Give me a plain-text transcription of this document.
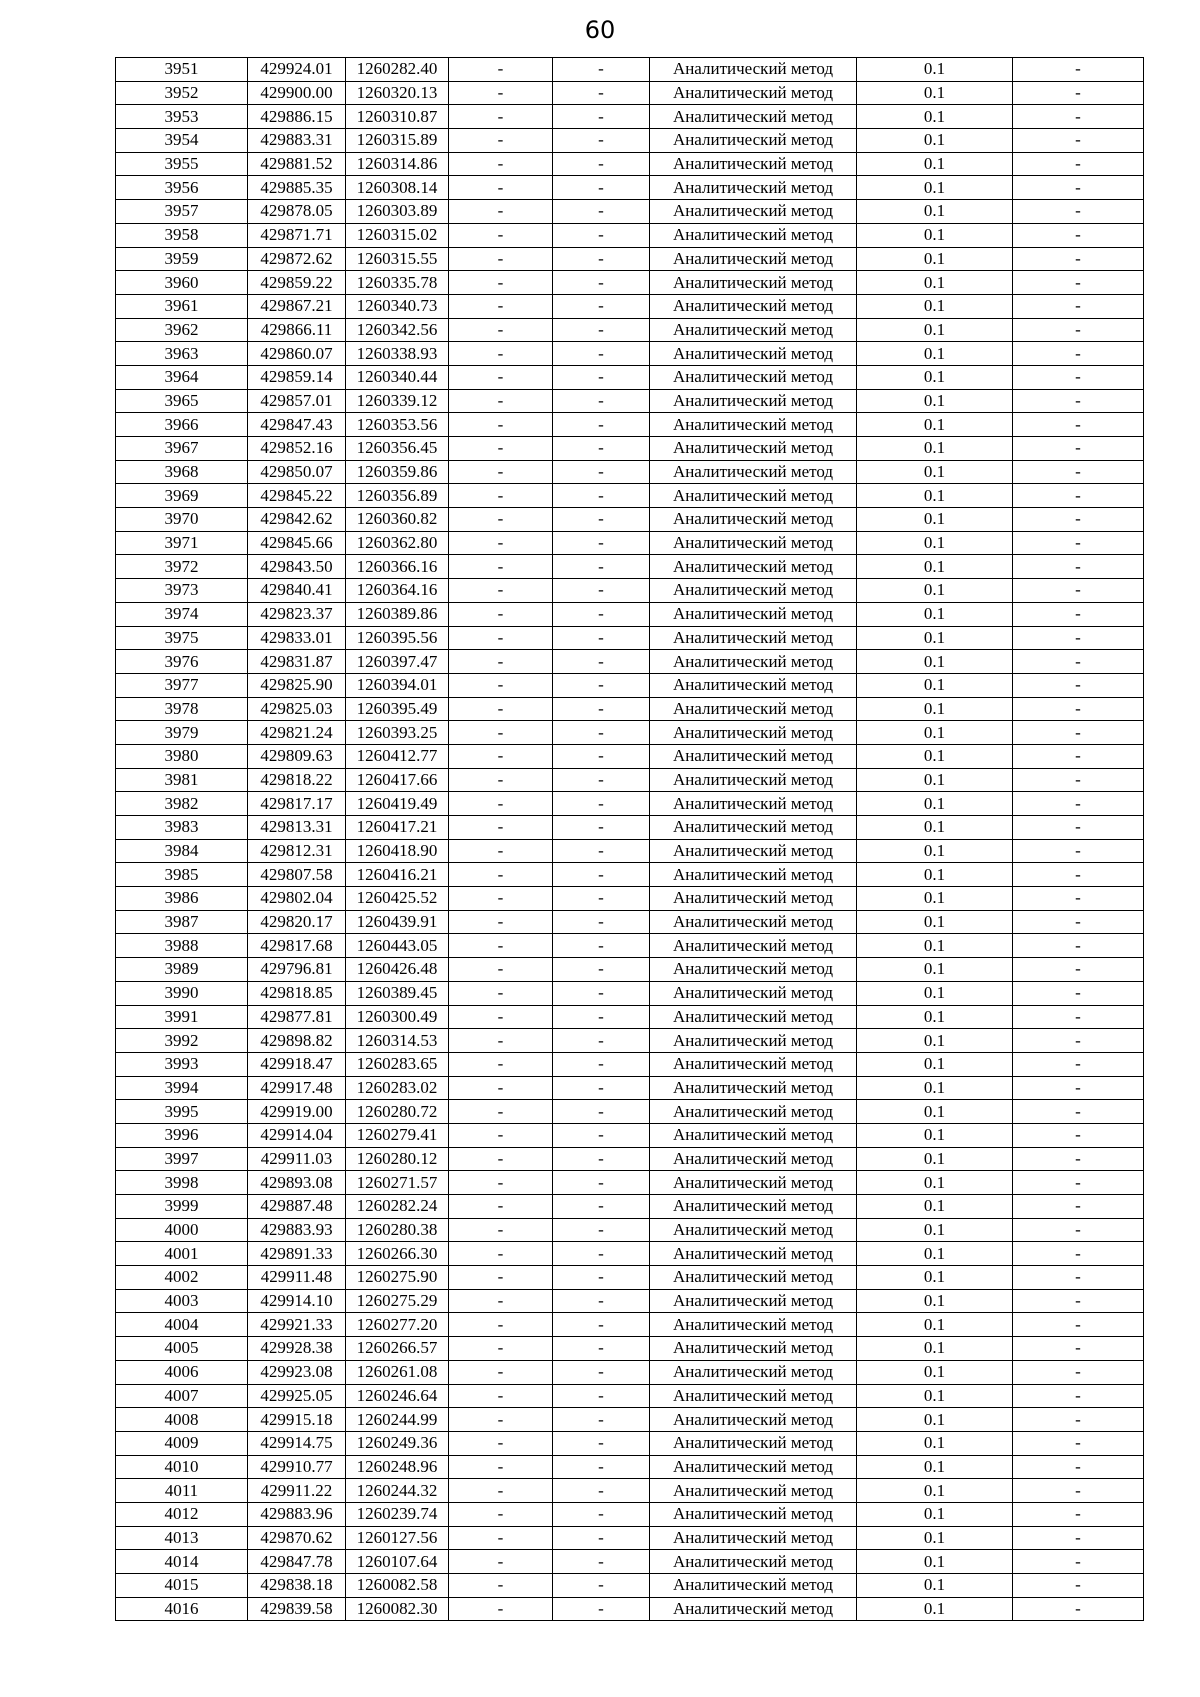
60
3951	429924.01	1260282.40	-	-	Аналитический метод	0.1	-
3952	429900.00	1260320.13	-	-	Аналитический метод	0.1	-
3953	429886.15	1260310.87	-	-	Аналитический метод	0.1	-
3954	429883.31	1260315.89	-	-	Аналитический метод	0.1	-
3955	429881.52	1260314.86	-	-	Аналитический метод	0.1	-
3956	429885.35	1260308.14	-	-	Аналитический метод	0.1	-
3957	429878.05	1260303.89	-	-	Аналитический метод	0.1	-
3958	429871.71	1260315.02	-	-	Аналитический метод	0.1	-
3959	429872.62	1260315.55	-	-	Аналитический метод	0.1	-
3960	429859.22	1260335.78	-	-	Аналитический метод	0.1	-
3961	429867.21	1260340.73	-	-	Аналитический метод	0.1	-
3962	429866.11	1260342.56	-	-	Аналитический метод	0.1	-
3963	429860.07	1260338.93	-	-	Аналитический метод	0.1	-
3964	429859.14	1260340.44	-	-	Аналитический метод	0.1	-
3965	429857.01	1260339.12	-	-	Аналитический метод	0.1	-
3966	429847.43	1260353.56	-	-	Аналитический метод	0.1	-
3967	429852.16	1260356.45	-	-	Аналитический метод	0.1	-
3968	429850.07	1260359.86	-	-	Аналитический метод	0.1	-
3969	429845.22	1260356.89	-	-	Аналитический метод	0.1	-
3970	429842.62	1260360.82	-	-	Аналитический метод	0.1	-
3971	429845.66	1260362.80	-	-	Аналитический метод	0.1	-
3972	429843.50	1260366.16	-	-	Аналитический метод	0.1	-
3973	429840.41	1260364.16	-	-	Аналитический метод	0.1	-
3974	429823.37	1260389.86	-	-	Аналитический метод	0.1	-
3975	429833.01	1260395.56	-	-	Аналитический метод	0.1	-
3976	429831.87	1260397.47	-	-	Аналитический метод	0.1	-
3977	429825.90	1260394.01	-	-	Аналитический метод	0.1	-
3978	429825.03	1260395.49	-	-	Аналитический метод	0.1	-
3979	429821.24	1260393.25	-	-	Аналитический метод	0.1	-
3980	429809.63	1260412.77	-	-	Аналитический метод	0.1	-
3981	429818.22	1260417.66	-	-	Аналитический метод	0.1	-
3982	429817.17	1260419.49	-	-	Аналитический метод	0.1	-
3983	429813.31	1260417.21	-	-	Аналитический метод	0.1	-
3984	429812.31	1260418.90	-	-	Аналитический метод	0.1	-
3985	429807.58	1260416.21	-	-	Аналитический метод	0.1	-
3986	429802.04	1260425.52	-	-	Аналитический метод	0.1	-
3987	429820.17	1260439.91	-	-	Аналитический метод	0.1	-
3988	429817.68	1260443.05	-	-	Аналитический метод	0.1	-
3989	429796.81	1260426.48	-	-	Аналитический метод	0.1	-
3990	429818.85	1260389.45	-	-	Аналитический метод	0.1	-
3991	429877.81	1260300.49	-	-	Аналитический метод	0.1	-
3992	429898.82	1260314.53	-	-	Аналитический метод	0.1	-
3993	429918.47	1260283.65	-	-	Аналитический метод	0.1	-
3994	429917.48	1260283.02	-	-	Аналитический метод	0.1	-
3995	429919.00	1260280.72	-	-	Аналитический метод	0.1	-
3996	429914.04	1260279.41	-	-	Аналитический метод	0.1	-
3997	429911.03	1260280.12	-	-	Аналитический метод	0.1	-
3998	429893.08	1260271.57	-	-	Аналитический метод	0.1	-
3999	429887.48	1260282.24	-	-	Аналитический метод	0.1	-
4000	429883.93	1260280.38	-	-	Аналитический метод	0.1	-
4001	429891.33	1260266.30	-	-	Аналитический метод	0.1	-
4002	429911.48	1260275.90	-	-	Аналитический метод	0.1	-
4003	429914.10	1260275.29	-	-	Аналитический метод	0.1	-
4004	429921.33	1260277.20	-	-	Аналитический метод	0.1	-
4005	429928.38	1260266.57	-	-	Аналитический метод	0.1	-
4006	429923.08	1260261.08	-	-	Аналитический метод	0.1	-
4007	429925.05	1260246.64	-	-	Аналитический метод	0.1	-
4008	429915.18	1260244.99	-	-	Аналитический метод	0.1	-
4009	429914.75	1260249.36	-	-	Аналитический метод	0.1	-
4010	429910.77	1260248.96	-	-	Аналитический метод	0.1	-
4011	429911.22	1260244.32	-	-	Аналитический метод	0.1	-
4012	429883.96	1260239.74	-	-	Аналитический метод	0.1	-
4013	429870.62	1260127.56	-	-	Аналитический метод	0.1	-
4014	429847.78	1260107.64	-	-	Аналитический метод	0.1	-
4015	429838.18	1260082.58	-	-	Аналитический метод	0.1	-
4016	429839.58	1260082.30	-	-	Аналитический метод	0.1	-
